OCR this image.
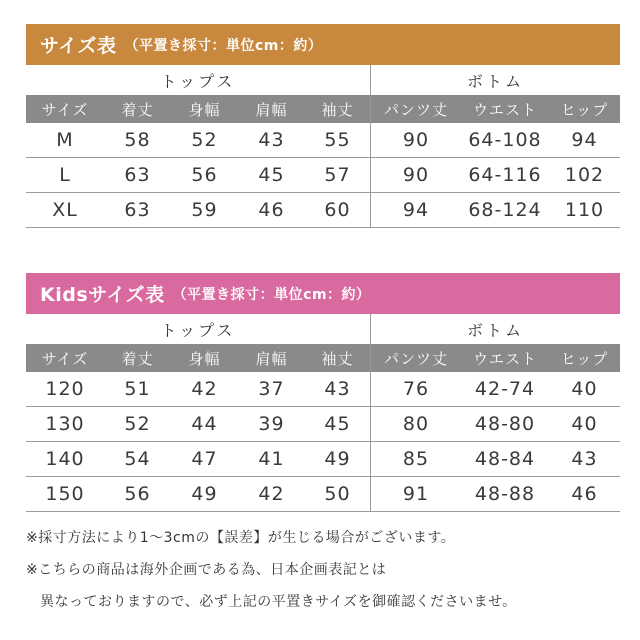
サイズ表 （平置き採寸：単位cm：約）
トップス	ボトム
サイズ	着丈	身幅	肩幅	袖丈	パンツ丈	ウエスト	ヒップ
M	58	52	43	55	90	64-108	94
L	63	56	45	57	90	64-116	102
XL	63	59	46	60	94	68-124	110
Kidsサイズ表 （平置き採寸：単位cm：約）
トップス	ボトム
サイズ	着丈	身幅	肩幅	袖丈	パンツ丈	ウエスト	ヒップ
120	51	42	37	43	76	42-74	40
130	52	44	39	45	80	48-80	40
140	54	47	41	49	85	48-84	43
150	56	49	42	50	91	48-88	46
※採寸方法により1～3cmの【誤差】が生じる場合がございます。
※こちらの商品は海外企画である為、日本企画表記とは
異なっておりますので、必ず上記の平置きサイズを御確認くださいませ。
